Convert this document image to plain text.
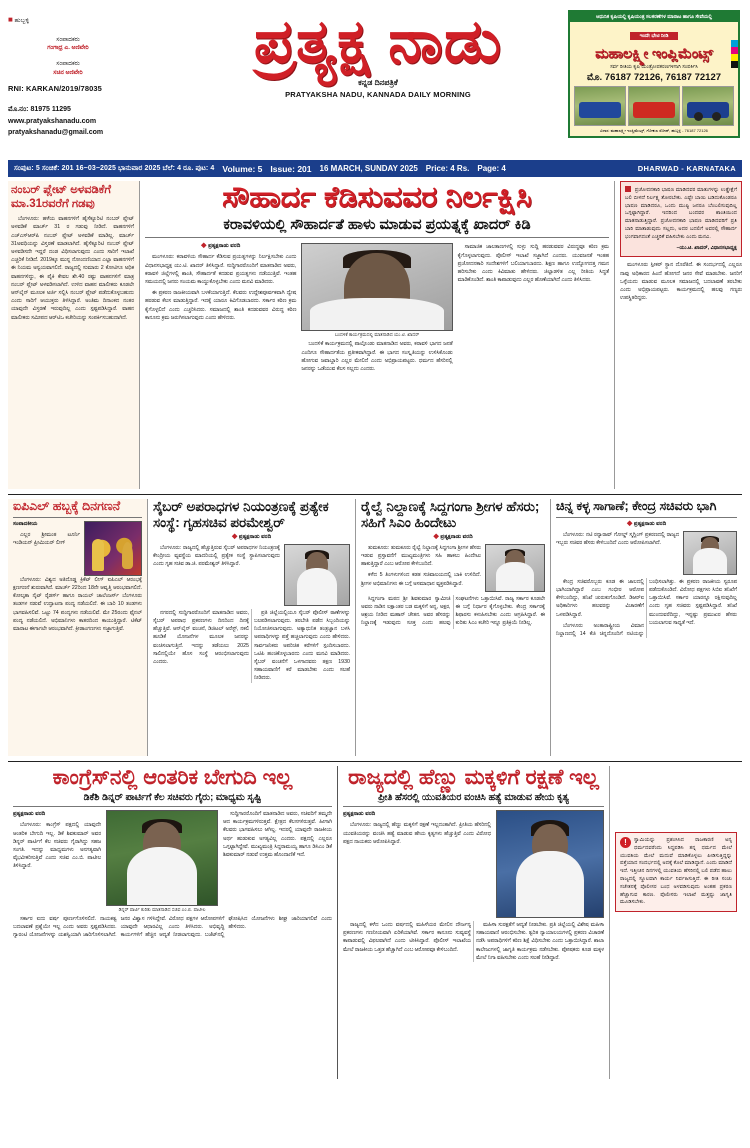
■ ಹುಬ್ಬಳ್ಳಿ
ಸಂಪಾದಕರು
ಗಂಗಾಧ್ರ ಎ. ಅಣಿವೇರಿ
ಸಂಪಾದಕರು
ಸಚಿನ ಅಣಿವೇರಿ
RNI: KARKAN/2019/78035
ಮೊ.ನಂ: 81975 11295
www.pratyakshanadu.com
pratyakshanadu@gmail.com
ಪ್ರತ್ಯಕ್ಷ ನಾಡು
ಕನ್ನಡ ದಿನಪತ್ರಿಕೆ
PRATYAKSHA NADU, KANNADA DAILY MORNING
ಆಧುನಿಕ ಕೃಷಿಯಲ್ಲಿ ಕೃಷಿಯಂತ್ರ ಸಲಕರಣೆಗಳ ಮಾರಾಟ ಹಾಗೂ ಸೇವೆಯಲ್ಲಿ
ಇಂದೇ ಭೇಟಿ ನೀಡಿ
ಮಹಾಲಕ್ಷ್ಮೀ ಇಂಪ್ಲಿಮೆಂಟ್ಸ್
ಸರ್ವ ರೀತಿಯ ಕೃಷಿ ಯಂತ್ರೋಪಕರಣಗಳಿಗಾಗಿ ಸಂಪರ್ಕಿಸಿ
ಮೊ. 76187 72126, 76187 72127
ವಿಳಾಸ: ಮಹಾಲಕ್ಷ್ಮೀ ಇಂಪ್ಲಿಮೆಂಟ್ಸ್, ಗೋಕುಲ ರೋಡ್, ಹುಬ್ಬಳ್ಳಿ - 76187 72126
ಸಂಪುಟ: 5 ಸಂಚಿಕೆ: 201 16−03−2025 ಭಾನುವಾರ 2025 ಬೆಲೆ: 4 ರೂ. ಪುಟ: 4 Volume: 5 Issue: 201 16 MARCH, SUNDAY 2025 Price: 4 Rs. Page: 4	DHARWAD - KARNATAKA
ನಂಬರ್ ಪ್ಲೇಟ್ ಅಳವಡಿಕೆಗೆ ಮಾ.31ರವರೆಗೆ ಗಡವು

ಬೆಂಗಳೂರು: ಹಳೆಯ ವಾಹನಗಳಿಗೆ ಹೈಸೆಕ್ಯೂರಿಟಿ ನಂಬರ್ ಪ್ಲೇಟ್ ಅಳವಡಿಕೆ ಮಾರ್ಚ್ 31 ರ ಗಡುವು ನೀಡಿದೆ. ವಾಹನಗಳಿಗೆ ಎಚ್‌ಎಸ್‌ಆರ್‌ಪಿ ನಂಬರ್ ಪ್ಲೇಟ್ ಅಳವಡಿಕೆ ಮಾಡಿಲ್ಲ. ಮಾರ್ಚ್ 31ಅವಧಿಯನ್ನು ವಿಸ್ತರಣೆ ಮಾಡಲಾಗಿದೆ. ಹೈಸೆಕ್ಯೂರಿಟಿ ನಂಬರ್ ಪ್ಲೇಟ್ ಅಳವಡಿಸದೇ ಇದ್ದರೆ ದಂಡ ವಿಧಿಸಲಾಗುವುದು ಎಂದು ಸಾರಿಗೆ ಇಲಾಖೆ ಎಚ್ಚರಿಕೆ ನೀಡಿದೆ. 2019ಕ್ಕೂ ಮುನ್ನ ನೋಂದಣಿಯಾದ ಎಲ್ಲಾ ವಾಹನಗಳಿಗೆ ಈ ನಿಯಮ ಅನ್ವಯವಾಗಲಿದೆ. ರಾಜ್ಯದಲ್ಲಿ ಸುಮಾರು 2 ಕೋಟಿಗೂ ಅಧಿಕ ವಾಹನಗಳಿದ್ದು, ಈ ಪೈಕಿ ಕೇವಲ ಶೇ.40 ರಷ್ಟು ವಾಹನಗಳಿಗೆ ಮಾತ್ರ ನಂಬರ್ ಪ್ಲೇಟ್ ಅಳವಡಿಸಲಾಗಿದೆ. ಉಳಿದ ವಾಹನ ಮಾಲೀಕರು ಕೂಡಲೇ ಆನ್‌ಲೈನ್ ಮೂಲಕ ಅರ್ಜಿ ಸಲ್ಲಿಸಿ ನಂಬರ್ ಪ್ಲೇಟ್ ಪಡೆದುಕೊಳ್ಳಬಹುದು ಎಂದು ಸಾರಿಗೆ ಆಯುಕ್ತರು ತಿಳಿಸಿದ್ದಾರೆ. ಅಂತಿಮ ದಿನಾಂಕದ ನಂತರ ಯಾವುದೇ ವಿಸ್ತರಣೆ ಇರುವುದಿಲ್ಲ ಎಂದು ಸ್ಪಷ್ಟಪಡಿಸಿದ್ದಾರೆ. ವಾಹನ ಮಾಲೀಕರು ಸಮೀಪದ ಆರ್‌ಟಿಒ ಕಚೇರಿಯನ್ನು ಸಂಪರ್ಕಿಸಬಹುದಾಗಿದೆ.

ಸೌಹಾರ್ದ ಕೆಡಿಸುವವರ ನಿರ್ಲಕ್ಷಿಸಿ
ಕರಾವಳಿಯಲ್ಲಿ ಸೌಹಾರ್ದತೆ ಹಾಳು ಮಾಡುವ ಪ್ರಯತ್ನಕ್ಕೆ ಖಾದರ್ ಕಿಡಿ
◆ ಪ್ರತ್ಯಕ್ಷನಾಡು ವರದಿ

ಮಂಗಳೂರು: ಕರಾವಳಿಯ ಸೌಹಾರ್ದ ಕೆಡಿಸುವ ಪ್ರಯತ್ನಗಳನ್ನು ನಿರ್ಲಕ್ಷಿಸಬೇಕು ಎಂದು ವಿಧಾನಸಭಾಧ್ಯಕ್ಷ ಯು.ಟಿ. ಖಾದರ್ ತಿಳಿಸಿದ್ದಾರೆ. ಸುದ್ದಿಗಾರರೊಂದಿಗೆ ಮಾತನಾಡಿದ ಅವರು, ಕರಾವಳಿ ಜಿಲ್ಲೆಗಳಲ್ಲಿ ಶಾಂತಿ, ಸೌಹಾರ್ದತೆ ಕದಡುವ ಪ್ರಯತ್ನಗಳು ನಡೆಯುತ್ತಿವೆ. ಇಂತಹ ಸಮಯದಲ್ಲಿ ಜನರು ಸಂಯಮ ಕಾಯ್ದುಕೊಳ್ಳಬೇಕು ಎಂದು ಮನವಿ ಮಾಡಿದರು.

ಈ ಪ್ರಕರಣ ರಾಜಕೀಯವಾಗಿ ಬಳಕೆಯಾಗುತ್ತಿದೆ. ಕೆಲವರು ಉದ್ದೇಶಪೂರ್ವಕವಾಗಿ ದ್ವೇಷ ಹರಡುವ ಕೆಲಸ ಮಾಡುತ್ತಿದ್ದಾರೆ. ಇದಕ್ಕೆ ಯಾರೂ ಕಿವಿಗೊಡಬಾರದು. ಸರ್ಕಾರ ಕಠಿಣ ಕ್ರಮ ಕೈಗೊಳ್ಳಲಿದೆ ಎಂದು ಎಚ್ಚರಿಸಿದರು. ಸಮಾಜದಲ್ಲಿ ಶಾಂತಿ ಕದಡುವವರ ವಿರುದ್ಧ ಕಠಿಣ ಕಾನೂನು ಕ್ರಮ ಜರುಗಿಸಲಾಗುವುದು ಎಂದು ಹೇಳಿದರು.

ಬಂದಳಿಕೆ ಕಾರ್ಯಕ್ರಮದಲ್ಲಿ ಮಾತನಾಡಿದ ಯು.ಟಿ. ಖಾದರ್

ಬಂದಳಿಕೆ ಕಾರ್ಯಕ್ರಮದಲ್ಲಿ ಪಾಲ್ಗೊಂಡು ಮಾತನಾಡಿದ ಅವರು, ಕರಾವಳಿ ಭಾಗದ ಜನತೆ ಎಂದಿಗೂ ಸೌಹಾರ್ದತೆಯ ಪ್ರತೀಕವಾಗಿದ್ದಾರೆ. ಈ ಭಾಗದ ಸಂಸ್ಕೃತಿಯನ್ನು ಉಳಿಸಿಕೊಂಡು ಹೋಗುವ ಜವಾಬ್ದಾರಿ ಎಲ್ಲರ ಮೇಲಿದೆ ಎಂದು ಅಭಿಪ್ರಾಯಪಟ್ಟರು. ಧರ್ಮದ ಹೆಸರಿನಲ್ಲಿ ಜನರನ್ನು ಒಡೆಯುವ ಕೆಲಸ ಸಲ್ಲದು ಎಂದರು.

ಸಾಮಾಜಿಕ ಜಾಲತಾಣಗಳಲ್ಲಿ ಸುಳ್ಳು ಸುದ್ದಿ ಹರಡುವವರ ವಿರುದ್ಧವೂ ಕಠಿಣ ಕ್ರಮ ಕೈಗೊಳ್ಳಲಾಗುವುದು. ಪೊಲೀಸ್ ಇಲಾಖೆ ಸಜ್ಜಾಗಿದೆ ಎಂದರು. ಯುವಜನತೆ ಇಂತಹ ಪ್ರಚೋದನಕಾರಿ ಸಂದೇಶಗಳಿಗೆ ಬಲಿಯಾಗಬಾರದು. ಶಿಕ್ಷಣ ಹಾಗೂ ಉದ್ಯೋಗದತ್ತ ಗಮನ ಹರಿಸಬೇಕು ಎಂದು ಕಿವಿಮಾತು ಹೇಳಿದರು. ಜಿಲ್ಲಾಡಳಿತ ಎಲ್ಲ ರೀತಿಯ ಸಿದ್ಧತೆ ಮಾಡಿಕೊಂಡಿದೆ. ಶಾಂತಿ ಕಾಪಾಡುವುದು ಎಲ್ಲರ ಹೊಣೆಯಾಗಿದೆ ಎಂದು ತಿಳಿಸಿದರು.

ಪ್ರಚೋದನಕಾರಿ ಭಾಷಣ ಮಾಡಿದವರ ಮಾತುಗಳನ್ನು ಉತ್ಪ್ರೇಕ್ಷೆಗೆ ಬಲಿ ಬೀಳದೆ ನಿರ್ಲಕ್ಷ್ಯ ತೋರಬೇಕು. ಎಷ್ಟೇ ಬಾಯಿ ಬಡಿದುಕೊಂಡರೂ ಭಾಷಣ ಮಾಡಿದರೂ, ಒಂದು ಮುಷ್ಟಿ ಜನರೂ ಬೆಂಬಲಿಸುವುದಿಲ್ಲ ಒಗ್ಗಟ್ಟಾಗಿದ್ದಾರೆ. ಇದರಿಂದ ಬಂದವರ ಶಾಂತಿಯಿಂದ ಮಾತನಾಡುತ್ತಿದ್ದಾರೆ. ಪ್ರಚೋದನಕಾರಿ ಭಾಷಣ ಮಾಡಿದವರಿಗೆ ಪ್ರತಿ ಬಾರಿ ಮಾತಾಡುವುದು ಸಲ್ಲದು, ಅದರ ಬದಲಿಗೆ ಅವರಲ್ಲಿ ಸೌಹಾರ್ದ ಭಂಗವಾಗದಂತೆ ಎಚ್ಚರಿಕೆ ವಹಿಸಬೇಕು ಎಂದು ಮನವಿ.
−ಯು.ಟಿ. ಖಾದರ್, ವಿಧಾನಸಭಾಧ್ಯಕ್ಷ

ಮಂಗಳೂರು ಸ್ಪೀಕರ್ ಸ್ಥಾನ ದೊರೆತಿದೆ. ಈ ಸಂದರ್ಭದಲ್ಲಿ ಎಲ್ಲರೂ ನಾವು ಅಧಿಕಾರದ ಹಿಂದೆ ಹೋಗದೆ ಜನರ ಸೇವೆ ಮಾಡಬೇಕು. ಜನರಿಗೆ ಒಳ್ಳೆಯದು ಮಾಡುವ ಮೂಲಕ ಸಮಾಜದಲ್ಲಿ ಬದಲಾವಣೆ ತರಬೇಕು ಎಂದು ಅಭಿಪ್ರಾಯಪಟ್ಟರು. ಕಾರ್ಯಕ್ರಮದಲ್ಲಿ ಹಲವು ಗಣ್ಯರು ಉಪಸ್ಥಿತರಿದ್ದರು.

ಐಪಿಎಲ್ ಹಬ್ಬಕ್ಕೆ ದಿನಗಣನೆ
ಸಂಪಾದಕೀಯ

ಎಲ್ಲರ ಶ್ರೀಮಂತ ಟೂರ್ನಿ ಇಂಡಿಯನ್ ಪ್ರೀಮಿಯರ್ ಲೀಗ್

ಬೆಂಗಳೂರು: ವಿಶ್ವದ ಅತಿದೊಡ್ಡ ಕ್ರಿಕೆಟ್ ಲೀಗ್ ಐಪಿಎಲ್ ಆರಂಭಕ್ಕೆ ಕ್ಷಣಗಣನೆ ಶುರುವಾಗಿದೆ. ಮಾರ್ಚ್ 22ರಿಂದ 18ನೇ ಆವೃತ್ತಿ ಆರಂಭವಾಗಲಿದೆ. ಕೋಲ್ಕತಾ ನೈಟ್ ರೈಡರ್ಸ್ ಹಾಗೂ ರಾಯಲ್ ಚಾಲೆಂಜರ್ಸ್ ಬೆಂಗಳೂರು ತಂಡಗಳ ನಡುವೆ ಉದ್ಘಾಟನಾ ಪಂದ್ಯ ನಡೆಯಲಿದೆ. ಈ ಬಾರಿ 10 ತಂಡಗಳು ಭಾಗವಹಿಸಲಿವೆ. ಒಟ್ಟು 74 ಪಂದ್ಯಗಳು ನಡೆಯಲಿವೆ. ಮೇ 25ರಂದು ಫೈನಲ್ ಪಂದ್ಯ ನಡೆಯಲಿದೆ. ಅಭಿಮಾನಿಗಳು ಕಾತರದಿಂದ ಕಾಯುತ್ತಿದ್ದಾರೆ. ಟಿಕೆಟ್ ಮಾರಾಟ ಈಗಾಗಲೇ ಆರಂಭವಾಗಿದೆ. ಕ್ರೀಡಾಂಗಣಗಳು ಸಜ್ಜಾಗುತ್ತಿವೆ.

ಸೈಬರ್ ಅಪರಾಧಗಳ ನಿಯಂತ್ರಣಕ್ಕೆ ಪ್ರತ್ಯೇಕ ಸಂಸ್ಥೆ: ಗೃಹಸಚಿವ ಪರಮೇಶ್ವರ್
◆ ಪ್ರತ್ಯಕ್ಷನಾಡು ವರದಿ

ಬೆಂಗಳೂರು: ರಾಜ್ಯದಲ್ಲಿ ಹೆಚ್ಚುತ್ತಿರುವ ಸೈಬರ್ ಅಪರಾಧಗಳ ನಿಯಂತ್ರಣಕ್ಕೆ ಕೇಂದ್ರೀಯ ವ್ಯವಸ್ಥೆಯ ಮಾದರಿಯಲ್ಲಿ ಪ್ರತ್ಯೇಕ ಸಂಸ್ಥೆ ಸ್ಥಾಪಿಸಲಾಗುವುದು ಎಂದು ಗೃಹ ಸಚಿವ ಡಾ.ಜಿ. ಪರಮೇಶ್ವರ್ ತಿಳಿಸಿದ್ದಾರೆ.

ನಗರದಲ್ಲಿ ಸುದ್ದಿಗಾರರೊಂದಿಗೆ ಮಾತನಾಡಿದ ಅವರು, ಸೈಬರ್ ಅಪರಾಧ ಪ್ರಕರಣಗಳು ದಿನದಿಂದ ದಿನಕ್ಕೆ ಹೆಚ್ಚುತ್ತಿವೆ. ಆನ್‌ಲೈನ್ ವಂಚನೆ, ಡಿಜಿಟಲ್ ಅರೆಸ್ಟ್, ನಕಲಿ ಹೂಡಿಕೆ ಯೋಜನೆಗಳ ಮೂಲಕ ಜನರನ್ನು ವಂಚಿಸಲಾಗುತ್ತಿದೆ. ಇದನ್ನು ತಡೆಯಲು 2025 ಸಾಲಿನಲ್ಲಿಯೇ ಹೊಸ ಸಂಸ್ಥೆ ಆರಂಭಿಸಲಾಗುವುದು ಎಂದರು.

ಪ್ರತಿ ಜಿಲ್ಲೆಯಲ್ಲಿಯೂ ಸೈಬರ್ ಪೊಲೀಸ್ ಠಾಣೆಗಳನ್ನು ಬಲಪಡಿಸಲಾಗುವುದು. ತರಬೇತಿ ಪಡೆದ ಸಿಬ್ಬಂದಿಯನ್ನು ನಿಯೋಜಿಸಲಾಗುವುದು. ಅತ್ಯಾಧುನಿಕ ತಂತ್ರಜ್ಞಾನ ಬಳಸಿ ಅಪರಾಧಿಗಳನ್ನು ಪತ್ತೆ ಹಚ್ಚಲಾಗುವುದು ಎಂದು ಹೇಳಿದರು. ಸಾರ್ವಜನಿಕರು ಅಪರಿಚಿತ ಕರೆಗಳಿಗೆ ಸ್ಪಂದಿಸಬಾರದು. ಒಟಿಪಿ ಹಂಚಿಕೊಳ್ಳಬಾರದು ಎಂದು ಮನವಿ ಮಾಡಿದರು. ಸೈಬರ್ ವಂಚನೆಗೆ ಒಳಗಾದವರು ತಕ್ಷಣ 1930 ಸಹಾಯವಾಣಿಗೆ ಕರೆ ಮಾಡಬೇಕು ಎಂದು ಸಲಹೆ ನೀಡಿದರು.

ರೈಲ್ವೆ ನಿಲ್ದಾಣಕ್ಕೆ ಸಿದ್ದಗಂಗಾ ಶ್ರೀಗಳ ಹೆಸರು; ಸಹಿಗೆ ಸಿಎಂ ಹಿಂದೇಟು
◆ ಪ್ರತ್ಯಕ್ಷನಾಡು ವರದಿ

ತುಮಕೂರು: ತುಮಕೂರು ರೈಲ್ವೆ ನಿಲ್ದಾಣಕ್ಕೆ ಸಿದ್ದಗಂಗಾ ಶ್ರೀಗಳ ಹೆಸರು ಇಡುವ ಪ್ರಸ್ತಾವನೆಗೆ ಮುಖ್ಯಮಂತ್ರಿಗಳು ಸಹಿ ಹಾಕಲು ಹಿಂದೇಟು ಹಾಕುತ್ತಿದ್ದಾರೆ ಎಂಬ ಆರೋಪ ಕೇಳಿಬಂದಿದೆ.

ಕಳೆದ 5 ತಿಂಗಳುಗಳಿಂದ ಕಡತ ಸಚಿವಾಲಯದಲ್ಲಿ ಬಾಕಿ ಉಳಿದಿದೆ. ಶ್ರೀಗಳ ಅಭಿಮಾನಿಗಳು ಈ ಬಗ್ಗೆ ಅಸಮಾಧಾನ ವ್ಯಕ್ತಪಡಿಸಿದ್ದಾರೆ.

ಸಿದ್ದಗಂಗಾ ಮಠದ ಶ್ರೀ ಶಿವಕುಮಾರ ಸ್ವಾಮೀಜಿ ಅವರು ನಾಡಿನ ಲಕ್ಷಾಂತರ ಬಡ ಮಕ್ಕಳಿಗೆ ಅನ್ನ, ಅಕ್ಷರ, ಆಶ್ರಯ ನೀಡಿದ ಮಹಾನ್ ಚೇತನ. ಅವರ ಹೆಸರನ್ನು ನಿಲ್ದಾಣಕ್ಕೆ ಇಡುವುದು ಸೂಕ್ತ ಎಂದು ಹಲವು ಸಂಘಟನೆಗಳು ಒತ್ತಾಯಿಸಿವೆ. ರಾಜ್ಯ ಸರ್ಕಾರ ಕೂಡಲೇ ಈ ಬಗ್ಗೆ ನಿರ್ಧಾರ ಕೈಗೊಳ್ಳಬೇಕು. ಕೇಂದ್ರ ಸರ್ಕಾರಕ್ಕೆ ಶಿಫಾರಸು ಕಳುಹಿಸಬೇಕು ಎಂದು ಆಗ್ರಹಿಸಿದ್ದಾರೆ. ಈ ಕುರಿತು ಸಿಎಂ ಕಚೇರಿ ಇನ್ನೂ ಪ್ರತಿಕ್ರಿಯೆ ನೀಡಿಲ್ಲ.

ಚಿನ್ನ ಕಳ್ಳ ಸಾಗಾಣೆ; ಕೇಂದ್ರ ಸಚಿವರು ಭಾಗಿ
◆ ಪ್ರತ್ಯಕ್ಷನಾಡು ವರದಿ

ಬೆಂಗಳೂರು: ನಟಿ ರನ್ಯಾರಾವ್ ಗೋಲ್ಡ್ ಸ್ಮಗ್ಲಿಂಗ್ ಪ್ರಕರಣದಲ್ಲಿ ರಾಜ್ಯದ ಇಬ್ಬರು ಸಚಿವರ ಹೆಸರು ಕೇಳಿಬಂದಿದೆ ಎಂದು ಆರೋಪಿಸಲಾಗಿದೆ.

ಕೇಂದ್ರ ಸಚಿವರೊಬ್ಬರು ಕೂಡ ಈ ಜಾಲದಲ್ಲಿ ಭಾಗಿಯಾಗಿದ್ದಾರೆ ಎಂಬ ಗಂಭೀರ ಆರೋಪ ಕೇಳಿಬಂದಿದ್ದು, ತನಿಖೆ ಚುರುಕುಗೊಂಡಿದೆ. ಡಿಆರ್‌ಐ ಅಧಿಕಾರಿಗಳು ಹಲವರನ್ನು ವಿಚಾರಣೆಗೆ ಒಳಪಡಿಸಿದ್ದಾರೆ.

ಬೆಂಗಳೂರು ಅಂತಾರಾಷ್ಟ್ರೀಯ ವಿಮಾನ ನಿಲ್ದಾಣದಲ್ಲಿ 14 ಕೆಜಿ ಚಿನ್ನದೊಂದಿಗೆ ನಟಿಯನ್ನು ಬಂಧಿಸಲಾಗಿತ್ತು. ಈ ಪ್ರಕರಣ ರಾಜಕೀಯ ಸ್ವರೂಪ ಪಡೆದುಕೊಂಡಿದೆ. ವಿರೋಧ ಪಕ್ಷಗಳು ಸಿಬಿಐ ತನಿಖೆಗೆ ಒತ್ತಾಯಿಸಿವೆ. ಸರ್ಕಾರ ಯಾರನ್ನೂ ರಕ್ಷಿಸುವುದಿಲ್ಲ ಎಂದು ಗೃಹ ಸಚಿವರು ಸ್ಪಷ್ಟಪಡಿಸಿದ್ದಾರೆ. ತನಿಖೆ ಮುಂದುವರೆದಿದ್ದು, ಇನ್ನಷ್ಟು ಪ್ರಮುಖರ ಹೆಸರು ಬಯಲಾಗುವ ಸಾಧ್ಯತೆ ಇದೆ.

ಕಾಂಗ್ರೆಸ್‌ನಲ್ಲಿ ಆಂತರಿಕ ಬೇಗುದಿ ಇಲ್ಲ
ಡಿಕೆಶಿ ಡಿನ್ನರ್ ಪಾರ್ಟಿಗೆ ಕೆಲ ಸಚಿವರು ಗೈರು; ಮಾಧ್ಯಮ ಸೃಷ್ಟಿ
ಪ್ರತ್ಯಕ್ಷನಾಡು ವರದಿ

ಬೆಂಗಳೂರು: ಕಾಂಗ್ರೆಸ್ ಪಕ್ಷದಲ್ಲಿ ಯಾವುದೇ ಆಂತರಿಕ ಬೇಗುದಿ ಇಲ್ಲ. ಡಿಕೆ ಶಿವಕುಮಾರ್ ಅವರ ಡಿನ್ನರ್ ಪಾರ್ಟಿಗೆ ಕೆಲ ಸಚಿವರು ಗೈರಾಗಿದ್ದು ಸಹಜ ಸಂಗತಿ. ಇದನ್ನು ಮಾಧ್ಯಮಗಳು ಅನಗತ್ಯವಾಗಿ ವೈಭವೀಕರಿಸುತ್ತಿವೆ ಎಂದು ಸಚಿವ ಎಂ.ಬಿ. ಪಾಟೀಲ ತಿಳಿಸಿದ್ದಾರೆ.

ಡಿನ್ನರ್ ಪಾರ್ಟಿ ಕುರಿತು ಮಾತನಾಡಿದ ಸಚಿವ ಎಂ.ಬಿ. ಪಾಟೀಲ

ಸುದ್ದಿಗಾರರೊಂದಿಗೆ ಮಾತನಾಡಿದ ಅವರು, ಸಚಿವರಿಗೆ ತಮ್ಮದೇ ಆದ ಕಾರ್ಯಕ್ರಮಗಳಿರುತ್ತವೆ. ಕ್ಷೇತ್ರದ ಕೆಲಸಗಳಿರುತ್ತವೆ. ಹೀಗಾಗಿ ಕೆಲವರು ಭಾಗವಹಿಸಲು ಆಗಿಲ್ಲ. ಇದರಲ್ಲಿ ಯಾವುದೇ ರಾಜಕೀಯ ಅರ್ಥ ಹುಡುಕುವ ಅಗತ್ಯವಿಲ್ಲ ಎಂದರು. ಪಕ್ಷದಲ್ಲಿ ಎಲ್ಲರೂ ಒಗ್ಗಟ್ಟಾಗಿದ್ದೇವೆ. ಮುಖ್ಯಮಂತ್ರಿ ಸಿದ್ದರಾಮಯ್ಯ ಹಾಗೂ ಡಿಸಿಎಂ ಡಿಕೆ ಶಿವಕುಮಾರ್ ನಡುವೆ ಉತ್ತಮ ಹೊಂದಾಣಿಕೆ ಇದೆ.

ಸರ್ಕಾರ ಐದು ವರ್ಷ ಪೂರ್ಣಗೊಳಿಸಲಿದೆ. ನಾಯಕತ್ವ ಬದಲಾವಣೆ ಪ್ರಶ್ನೆಯೇ ಇಲ್ಲ ಎಂದು ಅವರು ಸ್ಪಷ್ಟಪಡಿಸಿದರು. ಗ್ಯಾರಂಟಿ ಯೋಜನೆಗಳನ್ನು ಯಶಸ್ವಿಯಾಗಿ ಜಾರಿಗೊಳಿಸಲಾಗಿದೆ. ಜನರ ವಿಶ್ವಾಸ ಗಳಿಸಿದ್ದೇವೆ. ವಿರೋಧ ಪಕ್ಷಗಳ ಆರೋಪಗಳಿಗೆ ಯಾವುದೇ ಆಧಾರವಿಲ್ಲ ಎಂದು ತಿಳಿಸಿದರು. ಅಭಿವೃದ್ಧಿ ಕಾರ್ಯಗಳಿಗೆ ಹೆಚ್ಚಿನ ಆದ್ಯತೆ ನೀಡಲಾಗುವುದು. ಬಜೆಟ್‌ನಲ್ಲಿ ಘೋಷಿಸಿದ ಯೋಜನೆಗಳು ಶೀಘ್ರ ಜಾರಿಯಾಗಲಿವೆ ಎಂದು ಹೇಳಿದರು.

ರಾಜ್ಯದಲ್ಲಿ ಹೆಣ್ಣು ಮಕ್ಕಳಿಗೆ ರಕ್ಷಣೆ ಇಲ್ಲ
ಪ್ರೀತಿ ಹೆಸರಲ್ಲಿ ಯುವತಿಯರ ವಂಚಿಸಿ ಹತ್ಯೆ ಮಾಡುವ ಹೇಯ ಕೃತ್ಯ
ಪ್ರತ್ಯಕ್ಷನಾಡು ವರದಿ

ಬೆಂಗಳೂರು: ರಾಜ್ಯದಲ್ಲಿ ಹೆಣ್ಣು ಮಕ್ಕಳಿಗೆ ರಕ್ಷಣೆ ಇಲ್ಲದಂತಾಗಿದೆ. ಪ್ರೀತಿಯ ಹೆಸರಿನಲ್ಲಿ ಯುವತಿಯರನ್ನು ವಂಚಿಸಿ ಹತ್ಯೆ ಮಾಡುವ ಹೇಯ ಕೃತ್ಯಗಳು ಹೆಚ್ಚುತ್ತಿವೆ ಎಂದು ವಿರೋಧ ಪಕ್ಷದ ನಾಯಕರು ಆರೋಪಿಸಿದ್ದಾರೆ.

ರಾಜ್ಯದಲ್ಲಿ ಕಳೆದ ಒಂದು ವರ್ಷದಲ್ಲಿ ಮಹಿಳೆಯರ ಮೇಲಿನ ದೌರ್ಜನ್ಯ ಪ್ರಕರಣಗಳು ಗಣನೀಯವಾಗಿ ಏರಿಕೆಯಾಗಿವೆ. ಸರ್ಕಾರ ಕಾನೂನು ಸುವ್ಯವಸ್ಥೆ ಕಾಪಾಡುವಲ್ಲಿ ವಿಫಲವಾಗಿದೆ ಎಂದು ಟೀಕಿಸಿದ್ದಾರೆ. ಪೊಲೀಸ್ ಇಲಾಖೆಯ ಮೇಲೆ ರಾಜಕೀಯ ಒತ್ತಡ ಹೆಚ್ಚಾಗಿದೆ ಎಂಬ ಆರೋಪವೂ ಕೇಳಿಬಂದಿದೆ.

ಮಹಿಳಾ ಸುರಕ್ಷತೆಗೆ ಆದ್ಯತೆ ನೀಡಬೇಕು. ಪ್ರತಿ ಜಿಲ್ಲೆಯಲ್ಲಿ ವಿಶೇಷ ಮಹಿಳಾ ಸಹಾಯವಾಣಿ ಆರಂಭಿಸಬೇಕು. ತ್ವರಿತ ನ್ಯಾಯಾಲಯಗಳಲ್ಲಿ ಪ್ರಕರಣ ವಿಚಾರಣೆ ನಡೆಸಿ ಅಪರಾಧಿಗಳಿಗೆ ಕಠಿಣ ಶಿಕ್ಷೆ ವಿಧಿಸಬೇಕು ಎಂದು ಒತ್ತಾಯಿಸಿದ್ದಾರೆ. ಶಾಲಾ ಕಾಲೇಜುಗಳಲ್ಲಿ ಜಾಗೃತಿ ಕಾರ್ಯಕ್ರಮ ನಡೆಸಬೇಕು. ಪೋಷಕರು ಕೂಡ ಮಕ್ಕಳ ಮೇಲೆ ನಿಗಾ ವಹಿಸಬೇಕು ಎಂದು ಸಲಹೆ ನೀಡಿದ್ದಾರೆ.

!	ಸ್ವಾಮಿಯನ್ನು ಪ್ರಶಂಸಿಸಿದ ರಾಜಕಾರಣಿ ಅನ್ಯ ಧರ್ಮದವರೆಂದು ಸಿದ್ಧಪಡಿಸಿ ತನ್ನ ಧರ್ಮದ ಮೇಲೆ ಯುವತಿಯ ಮೇಲೆ ಮದುವೆ ಮಾಡಿಕೊಳ್ಳಲು ಪೀಡಿಸುತ್ತಿದ್ದನ್ನು ಪತ್ತೆಯಾದ ಸಂದರ್ಭದಲ್ಲಿ ಅದಕ್ಕೆ ಕೊಲೆ ಮಾಡಿದ್ದಾನೆ. ಎಂದು ಮಾಡಿದೆ ಇದೆ. ಇತ್ತೀಚಿನ ದಿನಗಳಲ್ಲಿ ಯುವತಿಯ ಹೆಸರಿನಲ್ಲಿ ಬಲಿ ಪಡೆದ ಹಾಲು ರಾಜ್ಯದಲ್ಲಿ ಸ್ಥೂಲವಾಗಿ ಕಾರ್ಯ ನಿರ್ವಹಿಸುತ್ತಿದೆ. ಈ ರೀತಿ ಸಂಚು ಸಚೇತನಕ್ಕೆ ಪೊಲೀಸರ ಬಂಧ ಅಳವಡಿಸುವುದು ಅಂತಹ ಪ್ರಕರಣ ಹೆಚ್ಚಾಗುವ ಕಾರಣ. ಪೊಲೀಸರು ಇಲಾಖೆ ಮತ್ತಷ್ಟು ಜಾಗೃತಿ ಮೂಡಿಸಬೇಕು.
